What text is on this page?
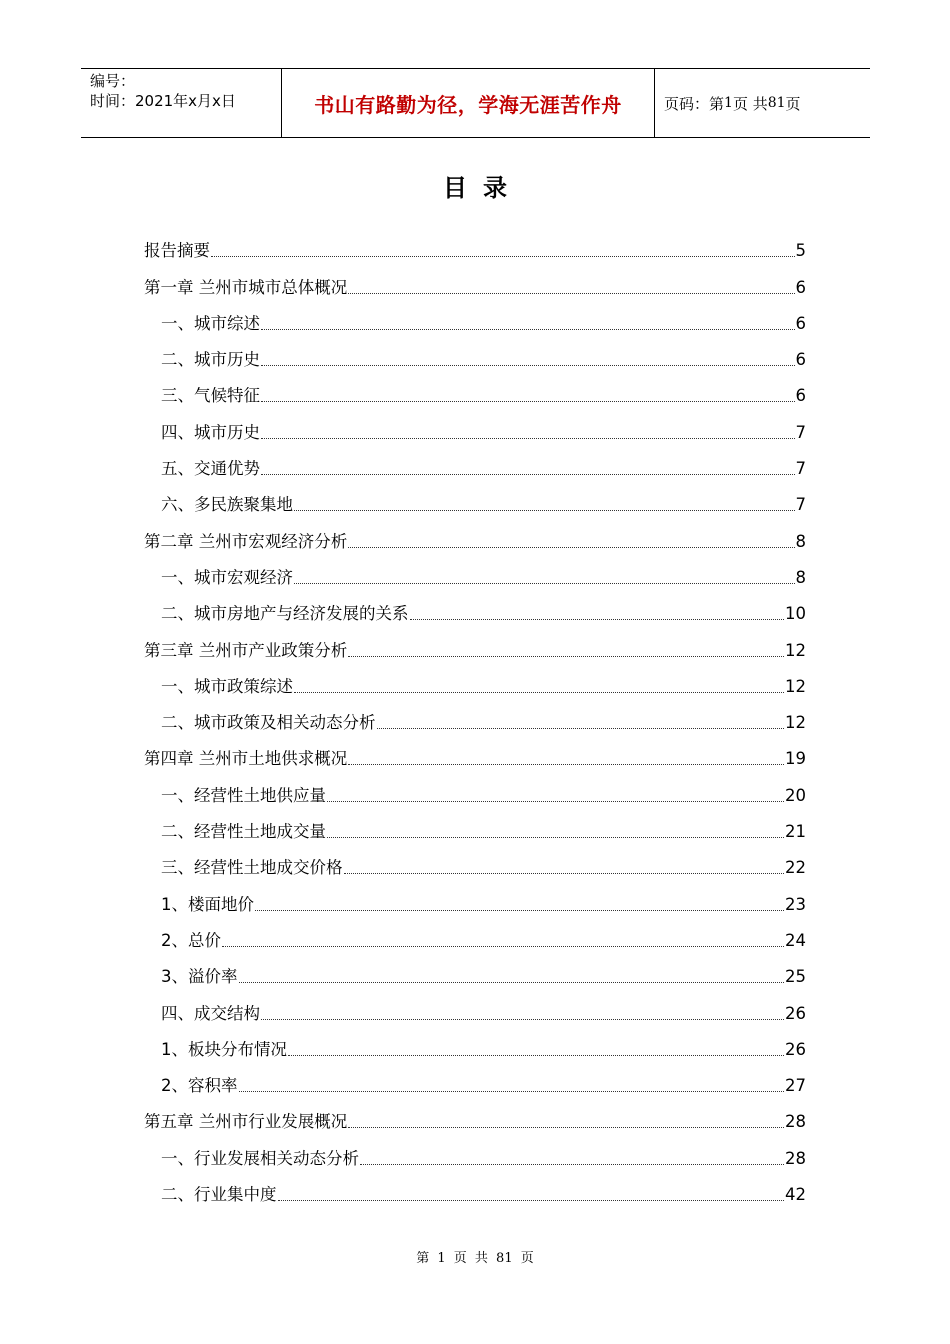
编号：
时间：2021年x月x日	书山有路勤为径，学海无涯苦作舟	页码：第 1 页 共 81 页
目录
报告摘要	5
第一章 兰州市城市总体概况	6
一、城市综述	6
二、城市历史	6
三、气候特征	6
四、城市历史	7
五、交通优势	7
六、多民族聚集地	7
第二章 兰州市宏观经济分析	8
一、城市宏观经济	8
二、城市房地产与经济发展的关系	10
第三章 兰州市产业政策分析	12
一、城市政策综述	12
二、城市政策及相关动态分析	12
第四章 兰州市土地供求概况	19
一、经营性土地供应量	20
二、经营性土地成交量	21
三、经营性土地成交价格	22
1、楼面地价	23
2、总价	24
3、溢价率	25
四、成交结构	26
1、板块分布情况	26
2、容积率	27
第五章 兰州市行业发展概况	28
一、行业发展相关动态分析	28
二、行业集中度	42
第 1 页 共 81 页
